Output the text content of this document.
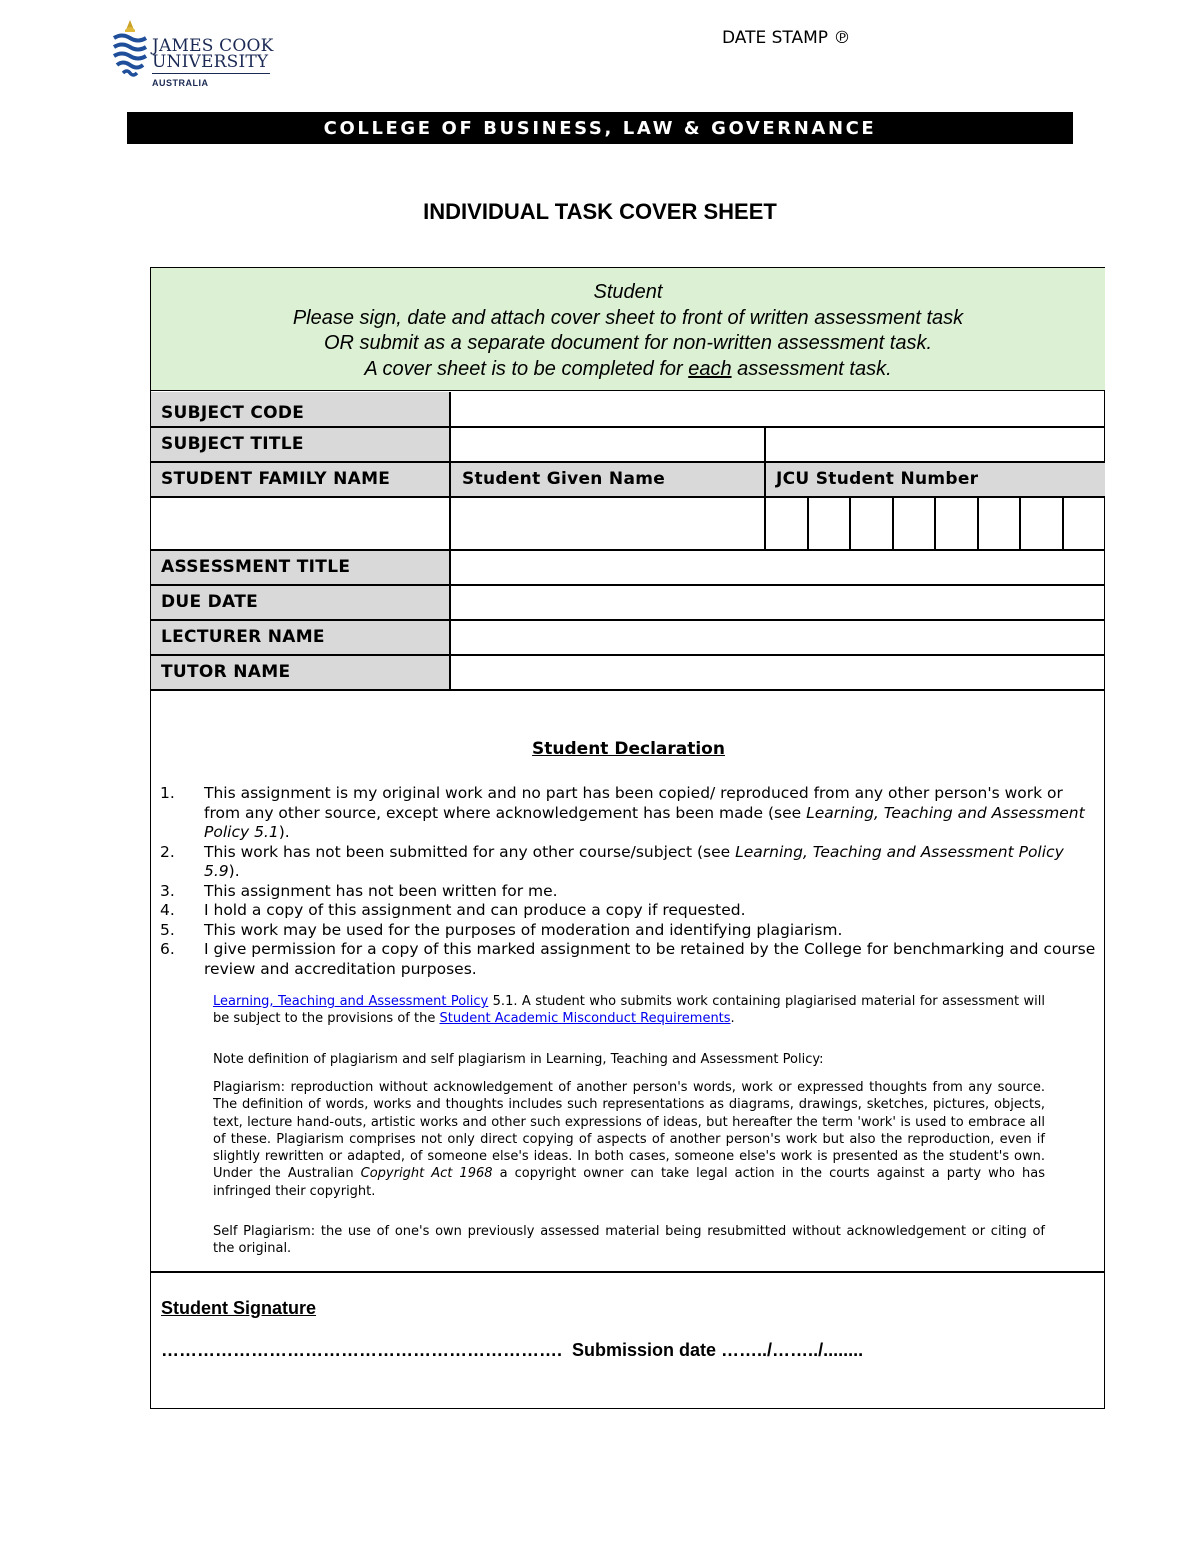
JAMES COOK
UNIVERSITY
AUSTRALIA
DATE STAMP ℗
COLLEGE OF BUSINESS, LAW & GOVERNANCE
INDIVIDUAL TASK COVER SHEET
Student
Please sign, date and attach cover sheet to front of written assessment task
OR submit as a separate document for non-written assessment task.
A cover sheet is to be completed for each assessment task.
SUBJECT CODE
SUBJECT TITLE
STUDENT FAMILY NAME	Student Given Name	JCU Student Number
ASSESSMENT TITLE
DUE DATE
LECTURER NAME
TUTOR NAME
Student Declaration
1. This assignment is my original work and no part has been copied/ reproduced from any other person's work or from any other source, except where acknowledgement has been made (see Learning, Teaching and Assessment Policy 5.1).
2. This work has not been submitted for any other course/subject (see Learning, Teaching and Assessment Policy 5.9).
3. This assignment has not been written for me.
4. I hold a copy of this assignment and can produce a copy if requested.
5. This work may be used for the purposes of moderation and identifying plagiarism.
6. I give permission for a copy of this marked assignment to be retained by the College for benchmarking and course review and accreditation purposes.
Learning, Teaching and Assessment Policy 5.1. A student who submits work containing plagiarised material for assessment will be subject to the provisions of the Student Academic Misconduct Requirements.
Note definition of plagiarism and self plagiarism in Learning, Teaching and Assessment Policy:
Plagiarism: reproduction without acknowledgement of another person's words, work or expressed thoughts from any source. The definition of words, works and thoughts includes such representations as diagrams, drawings, sketches, pictures, objects, text, lecture hand-outs, artistic works and other such expressions of ideas, but hereafter the term 'work' is used to embrace all of these. Plagiarism comprises not only direct copying of aspects of another person's work but also the reproduction, even if slightly rewritten or adapted, of someone else's ideas. In both cases, someone else's work is presented as the student's own. Under the Australian Copyright Act 1968 a copyright owner can take legal action in the courts against a party who has infringed their copyright.
Self Plagiarism: the use of one's own previously assessed material being resubmitted without acknowledgement or citing of the original.
Student Signature
…………………………………………………………. Submission date ……../……../........
